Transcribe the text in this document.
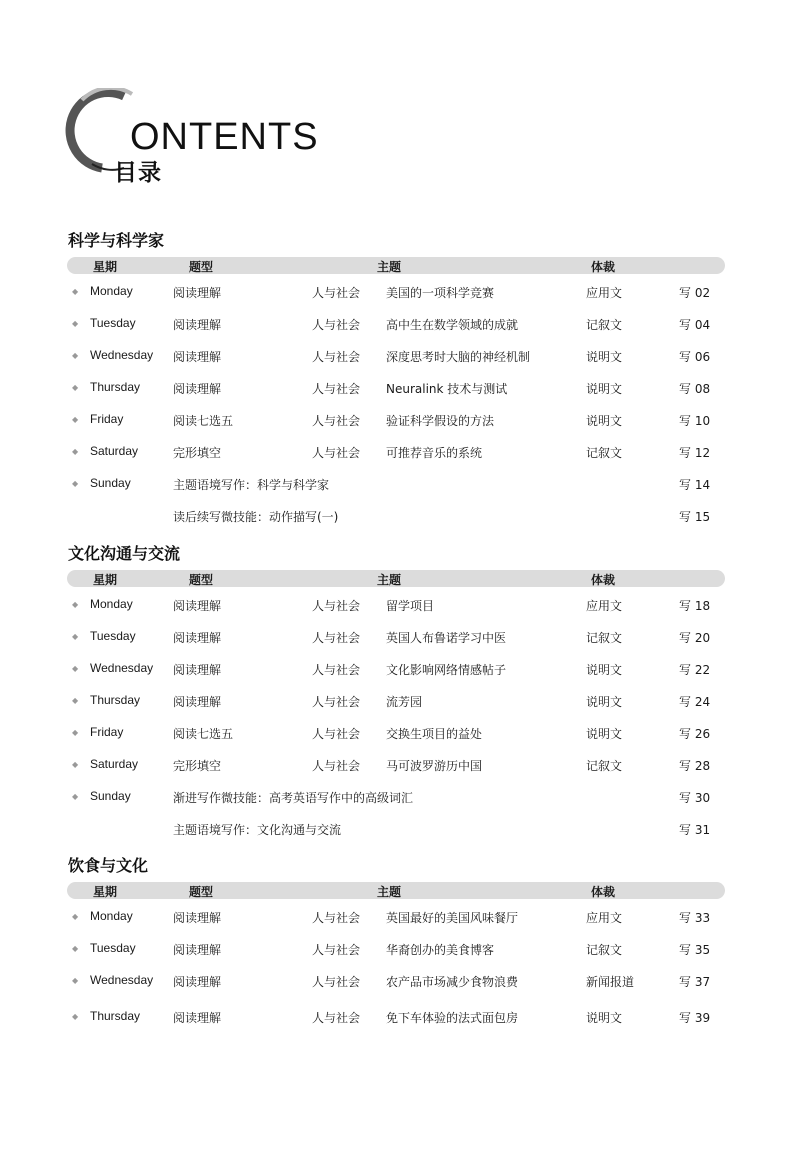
ONTENTS
目录
科学与科学家
星期	题型	主题	体裁
◆ Monday	阅读理解	人与社会 美国的一项科学竞赛	应用文	写 02
◆ Tuesday	阅读理解	人与社会 高中生在数学领域的成就	记叙文	写 04
◆ Wednesday 阅读理解	人与社会 深度思考时大脑的神经机制	说明文	写 06
◆ Thursday	阅读理解	人与社会 Neuralink 技术与测试	说明文	写 08
◆ Friday	阅读七选五	人与社会 验证科学假设的方法	说明文	写 10
◆ Saturday	完形填空	人与社会 可推荐音乐的系统	记叙文	写 12
◆ Sunday	主题语境写作：科学与科学家	写 14
读后续写微技能：动作描写(一)	写 15
文化沟通与交流
星期	题型	主题	体裁
◆ Monday	阅读理解	人与社会 留学项目	应用文	写 18
◆ Tuesday	阅读理解	人与社会 英国人布鲁诺学习中医	记叙文	写 20
◆ Wednesday 阅读理解	人与社会 文化影响网络情感帖子	说明文	写 22
◆ Thursday	阅读理解	人与社会 流芳园	说明文	写 24
◆ Friday	阅读七选五	人与社会 交换生项目的益处	说明文	写 26
◆ Saturday	完形填空	人与社会 马可波罗游历中国	记叙文	写 28
◆ Sunday	渐进写作微技能：高考英语写作中的高级词汇	写 30
主题语境写作：文化沟通与交流	写 31
饮食与文化
星期	题型	主题	体裁
◆ Monday	阅读理解	人与社会 英国最好的美国风味餐厅	应用文	写 33
◆ Tuesday	阅读理解	人与社会 华裔创办的美食博客	记叙文	写 35
◆ Wednesday 阅读理解	人与社会 农产品市场减少食物浪费	新闻报道	写 37
◆ Thursday	阅读理解	人与社会 免下车体验的法式面包房	说明文	写 39
